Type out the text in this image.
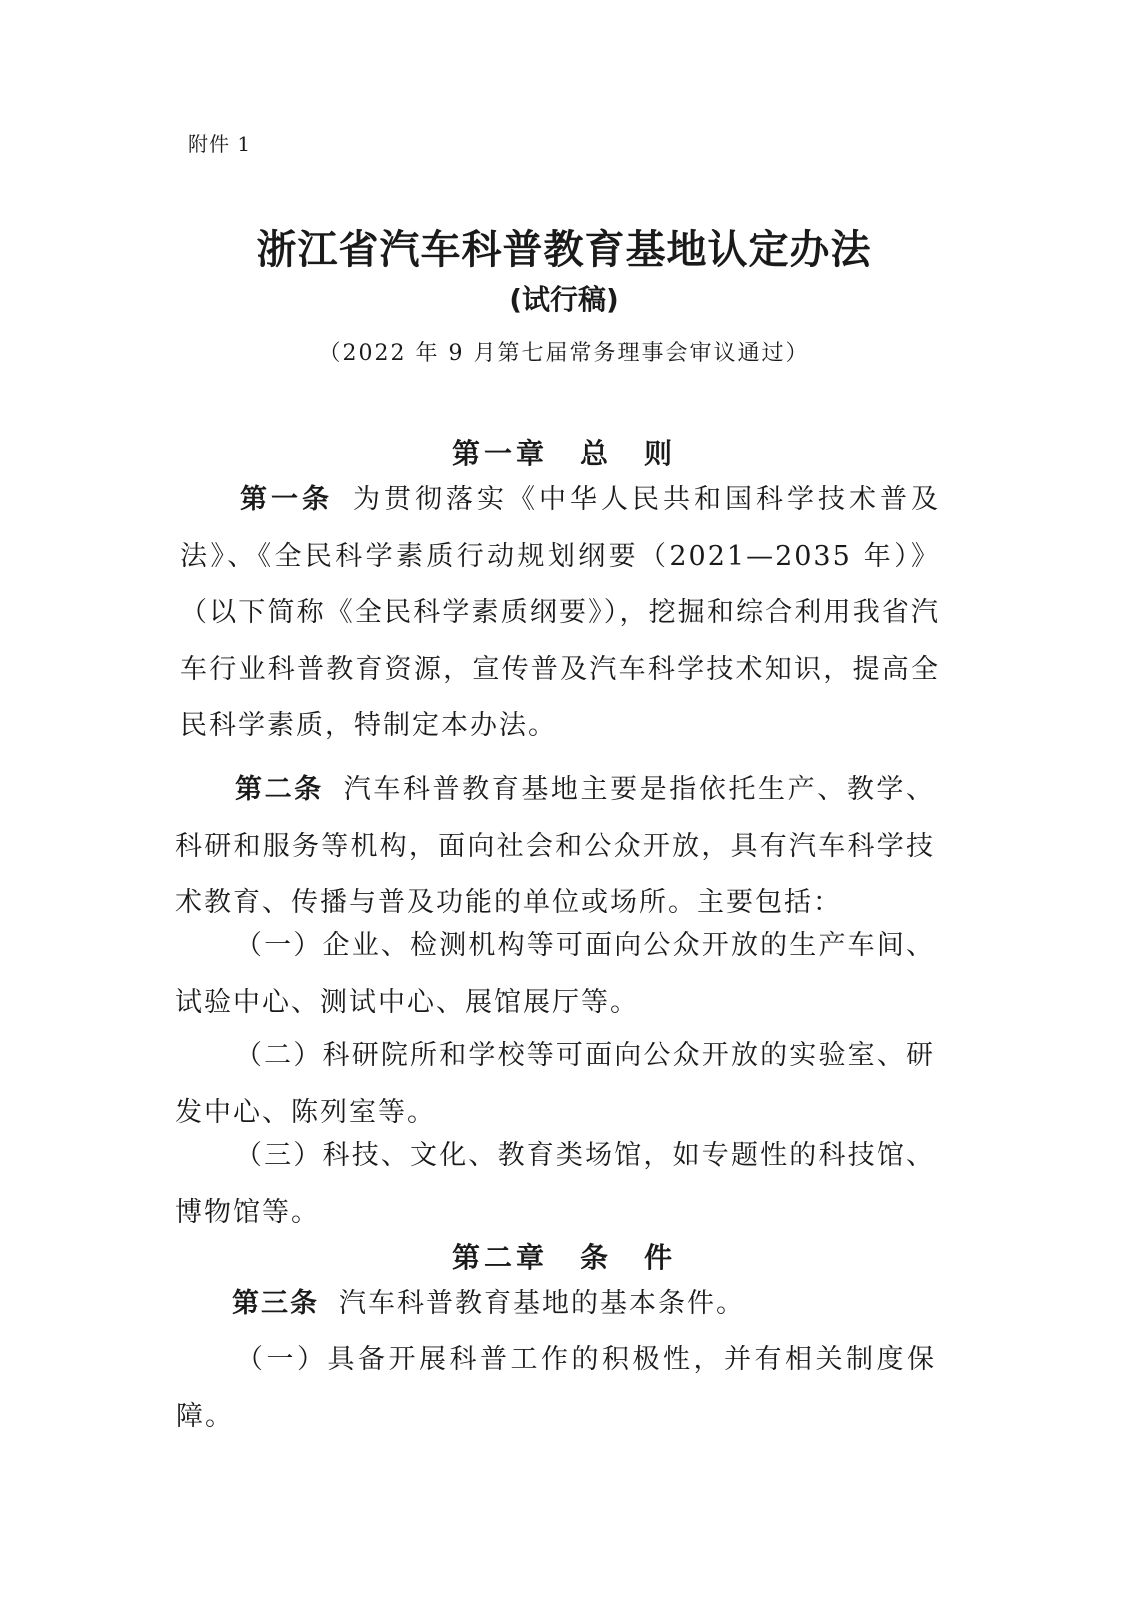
附件 1
浙江省汽车科普教育基地认定办法
(试行稿)
（2022 年 9 月第七届常务理事会审议通过）
第一章　总　则
第一条 为贯彻落实《中华人民共和国科学技术普及法》、《全民科学素质行动规划纲要（2021—2035 年）》（以下简称《全民科学素质纲要》），挖掘和综合利用我省汽车行业科普教育资源，宣传普及汽车科学技术知识，提高全民科学素质，特制定本办法。
第二条 汽车科普教育基地主要是指依托生产、教学、科研和服务等机构，面向社会和公众开放，具有汽车科学技术教育、传播与普及功能的单位或场所。主要包括：
（一）企业、检测机构等可面向公众开放的生产车间、试验中心、测试中心、展馆展厅等。
（二）科研院所和学校等可面向公众开放的实验室、研发中心、陈列室等。
（三）科技、文化、教育类场馆，如专题性的科技馆、博物馆等。
第二章　条　件
第三条 汽车科普教育基地的基本条件。
（一）具备开展科普工作的积极性，并有相关制度保障。
